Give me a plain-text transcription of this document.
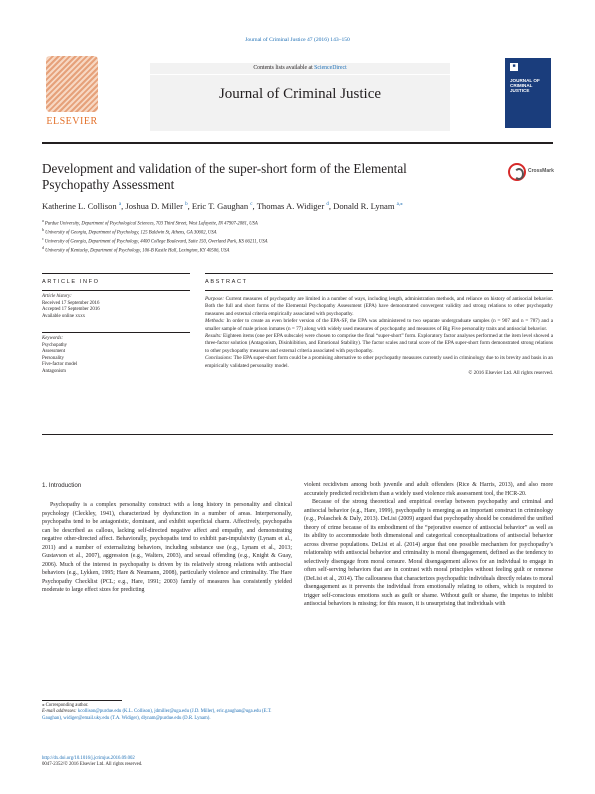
Journal of Criminal Justice 47 (2016) 143–150
ELSEVIER
Contents lists available at ScienceDirect
Journal of Criminal Justice
■
JOURNAL OF CRIMINAL JUSTICE
Development and validation of the super-short form of the Elemental Psychopathy Assessment
CrossMark
Katherine L. Collison $^a$, Joshua D. Miller $^b$, Eric T. Gaughan $^c$, Thomas A. Widiger $^d$, Donald R. Lynam $^{a,⁎}$
$^a$ Purdue University, Department of Psychological Sciences, 703 Third Street, West Lafayette, IN 47907-2081, USA
$^b$ University of Georgia, Department of Psychology, 125 Baldwin St, Athens, GA 30602, USA
$^c$ University of Georgia, Department of Psychology, 4400 College Boulevard, Suite 150, Overland Park, KS 66211, USA
$^d$ University of Kentucky, Department of Psychology, 106-B Kastle Hall, Lexington, KY 40506, USA
ARTICLE INFO
Article history:
Received 17 September 2016
Accepted 17 September 2016
Available online xxxx
Keywords:
Psychopathy
Assessment
Personality
Five-factor model
Antagonism
ABSTRACT
Purpose: Current measures of psychopathy are limited in a number of ways, including length, administration methods, and reliance on history of antisocial behavior. Both the full and short forms of the Elemental Psychopathy Assessment (EPA) have demonstrated convergent validity and strong relations to other psychopathy measures and external criteria empirically associated with psychopathy.
Methods: In order to create an even briefer version of the EPA-SF, the EPA was administered to two separate undergraduate samples (n = 907 and n = 787) and a smaller sample of male prison inmates (n = 77) along with widely used measures of psychopathy and measures of Big Five personality traits and antisocial behavior.
Results: Eighteen items (one per EPA subscale) were chosen to comprise the final “super-short” form. Exploratory factor analyses performed at the item level showed a three-factor solution (Antagonism, Disinhibition, and Emotional Stability). The factor scales and total score of the EPA super-short form demonstrated strong relations to other psychopathy measures and external criteria associated with psychopathy.
Conclusions: The EPA super-short form could be a promising alternative to other psychopathy measures currently used in criminology due to its brevity and basis in an empirically validated personality model.
© 2016 Elsevier Ltd. All rights reserved.
1. Introduction

Psychopathy is a complex personality construct with a long history in personality and clinical psychology (Cleckley, 1941), characterized by dysfunction in a number of areas. Interpersonally, psychopaths tend to be antagonistic, dominant, and exhibit superficial charm. Affectively, psychopaths can be described as callous, lacking self-directed negative affect and empathy, and demonstrating negative other-directed affect. Behaviorally, psychopaths tend to exhibit pan-impulsivity (Lynam et al., 2011) and a number of externalizing behaviors, including substance use (e.g., Lynam et al., 2013; Gustavson et al., 2007), aggression (e.g., Walters, 2003), and sexual offending (e.g., Knight & Guay, 2006). Much of the interest in psychopathy is driven by its relatively strong relations with antisocial behaviors (e.g., Lykken, 1995; Hare & Neumann, 2008), particularly violence and criminality. The Hare Psychopathy Checklist (PCL; e.g., Hare, 1991; 2003) family of measures has consistently yielded moderate to large effect sizes for predicting

violent recidivism among both juvenile and adult offenders (Rice & Harris, 2013), and also more accurately predicted recidivism than a widely used violence risk assessment tool, the HCR-20.

Because of the strong theoretical and empirical overlap between psychopathy and criminal and antisocial behavior (e.g., Hare, 1999), psychopathy is emerging as an important construct in criminology (e.g., Polaschek & Daly, 2013). DeLisi (2009) argued that psychopathy should be considered the unified theory of crime because of its embodiment of the “pejorative essence of antisocial behavior” as well as its ability to accommodate both dimensional and categorical conceptualizations of antisocial behavior across diverse populations. DeLisi et al. (2014) argue that one possible mechanism for psychopathy’s relationship with antisocial behavior and criminality is moral disengagement, defined as the tendency to selectively disengage from moral censure. Moral disengagement allows for an individual to engage in often self-serving behaviors that are in contrast with moral principles without feeling guilt or remorse (DeLisi et al., 2014). The callousness that characterizes psychopathic individuals directly relates to moral disengagement as it prevents the individual from emotionally relating to others, which is required to trigger self-conscious emotions such as guilt or shame. Without guilt or shame, the impetus to inhibit antisocial behaviors is missing; for this reason, it is unsurprising that individuals with

⁎ Corresponding author.
E-mail addresses: kcollison@purdue.edu (K.L. Collison), jdmiller@uga.edu (J.D. Miller), eric.gaughan@uga.edu (E.T. Gaughan), widiger@email.uky.edu (T.A. Widiger), dlynam@purdue.edu (D.R. Lynam).
http://dx.doi.org/10.1016/j.jcrimjus.2016.09.002
0047-2352/© 2016 Elsevier Ltd. All rights reserved.
